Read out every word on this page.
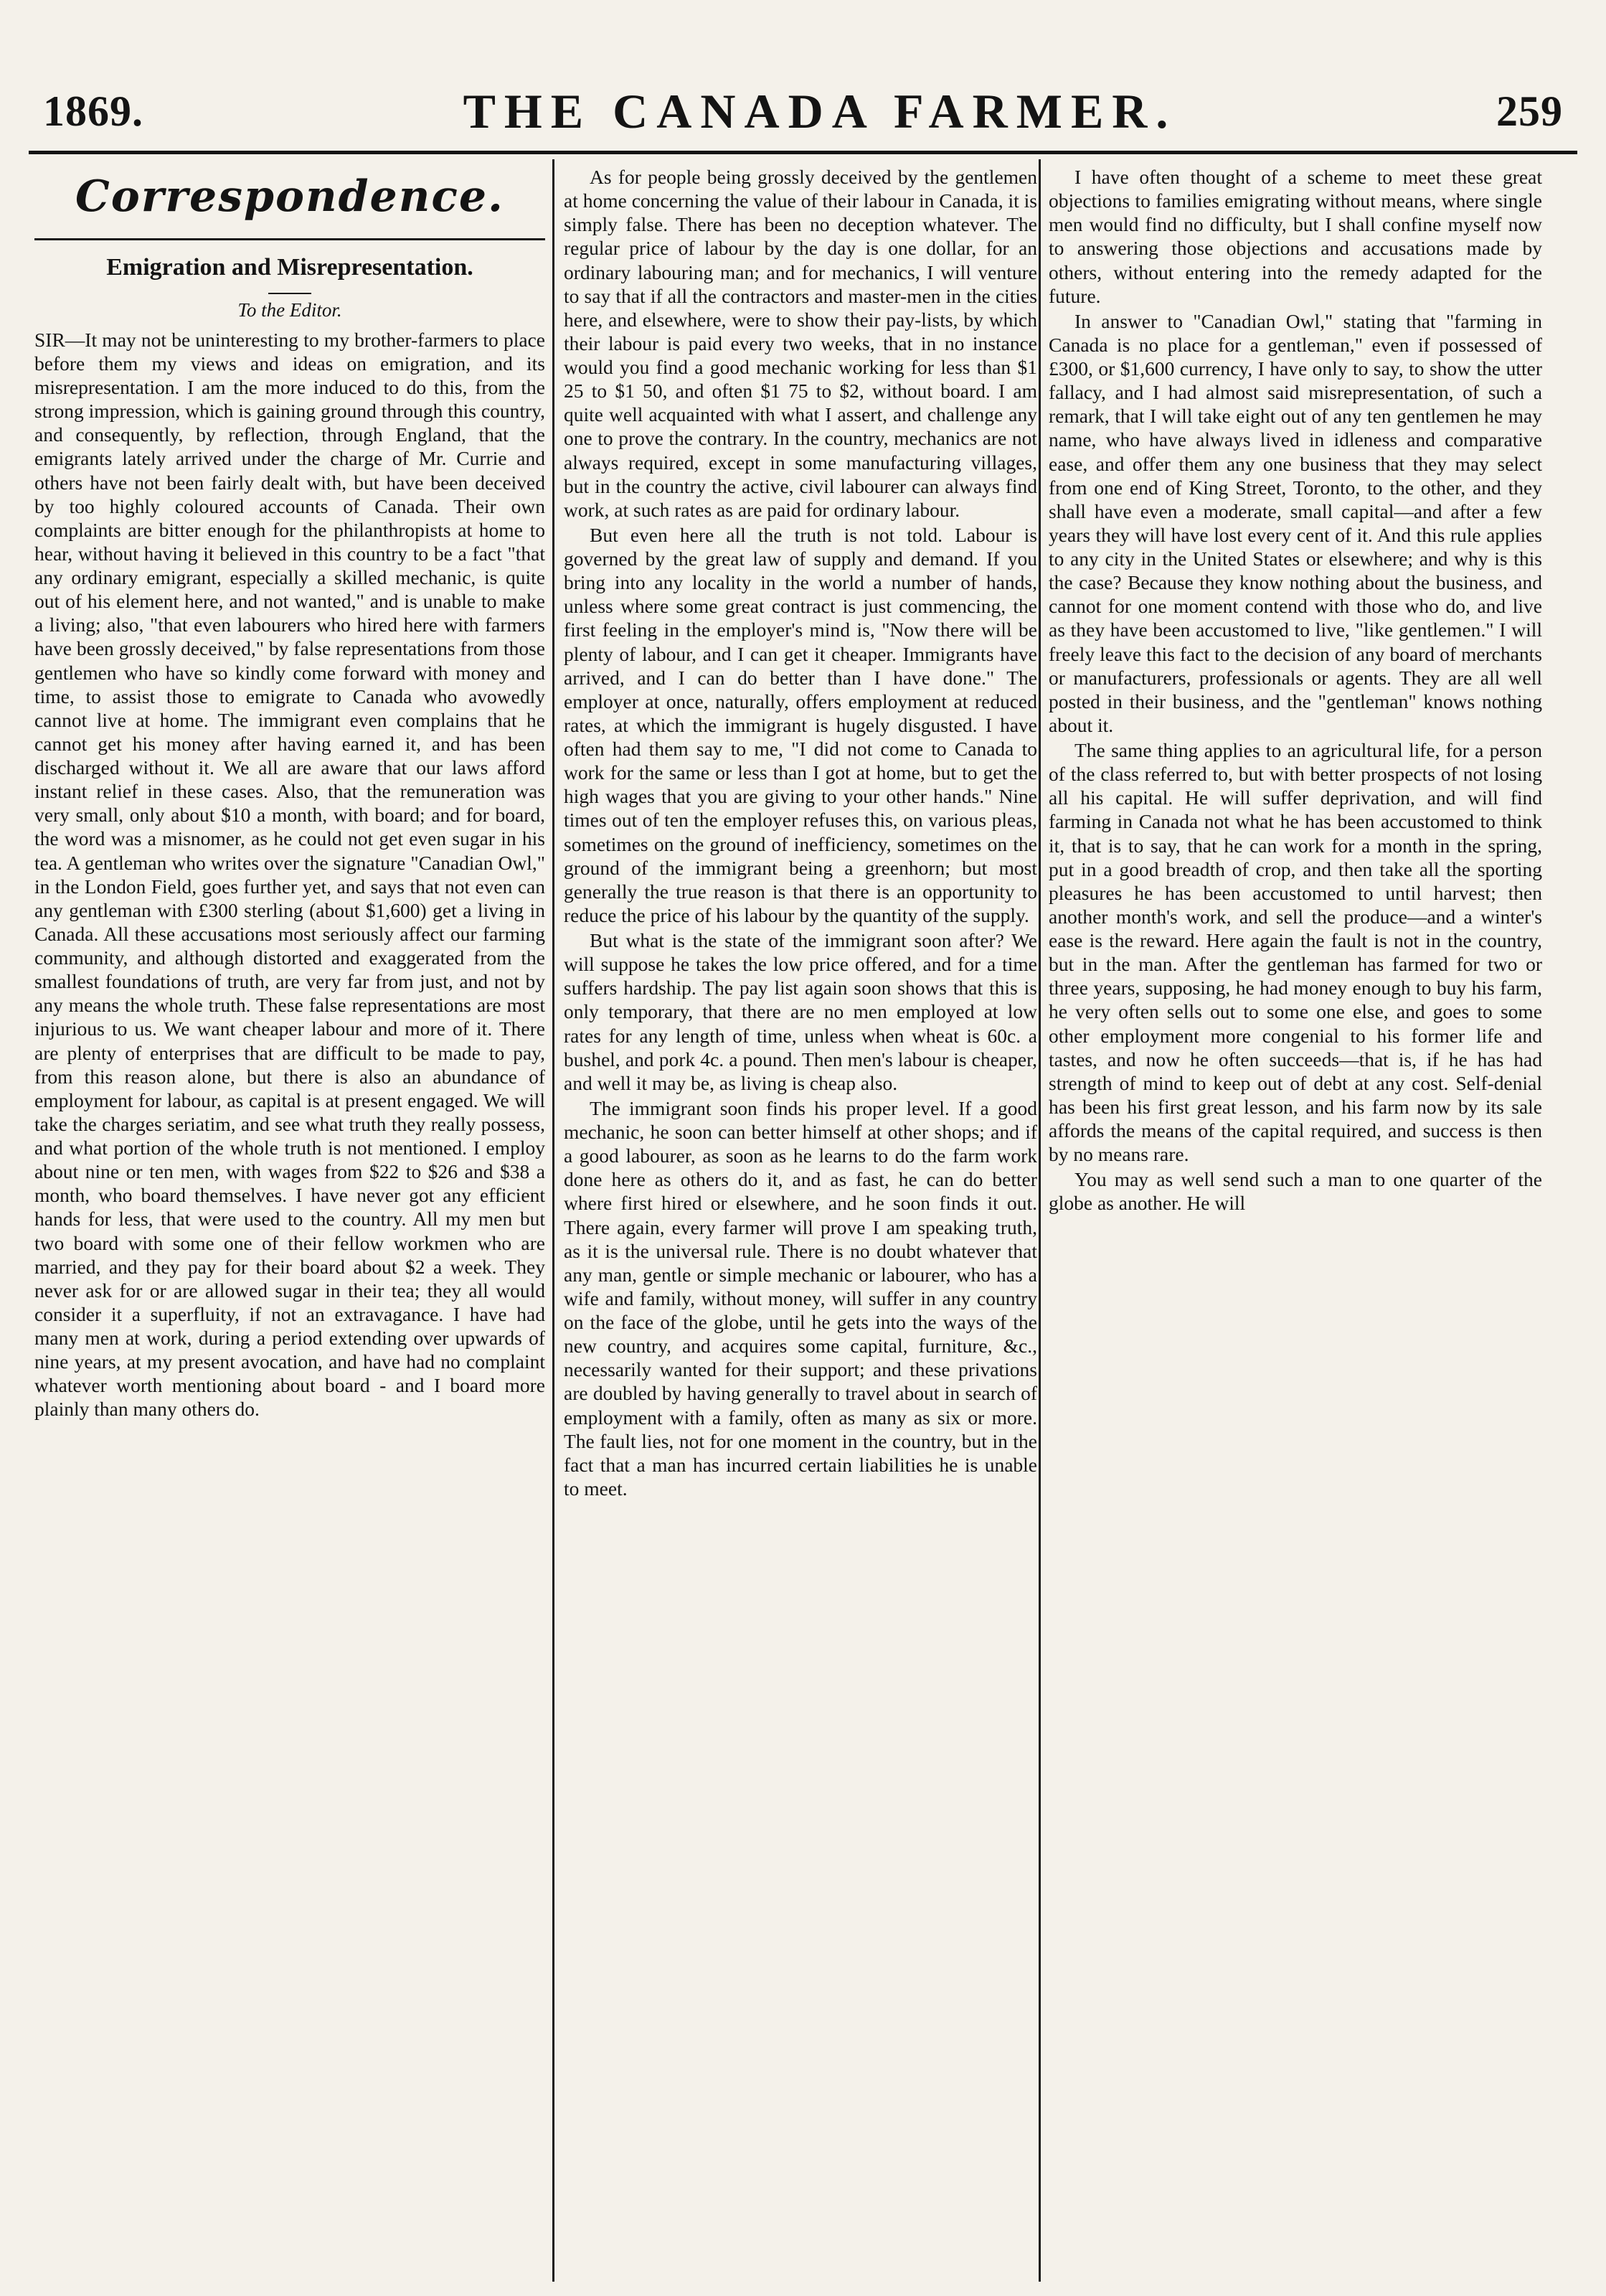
1869.	THE CANADA FARMER.	259
Correspondence.
Emigration and Misrepresentation.
To the Editor.

SIR—It may not be uninteresting to my brother-farmers to place before them my views and ideas on emigration, and its misrepresentation. I am the more induced to do this, from the strong impression, which is gaining ground through this country, and consequently, by reflection, through England, that the emigrants lately arrived under the charge of Mr. Currie and others have not been fairly dealt with, but have been deceived by too highly coloured accounts of Canada. Their own complaints are bitter enough for the philanthropists at home to hear, without having it believed in this country to be a fact "that any ordinary emigrant, especially a skilled mechanic, is quite out of his element here, and not wanted," and is unable to make a living; also, "that even labourers who hired here with farmers have been grossly deceived," by false representations from those gentlemen who have so kindly come forward with money and time, to assist those to emigrate to Canada who avowedly cannot live at home. The immigrant even complains that he cannot get his money after having earned it, and has been discharged without it. We all are aware that our laws afford instant relief in these cases. Also, that the remuneration was very small, only about $10 a month, with board; and for board, the word was a misnomer, as he could not get even sugar in his tea. A gentleman who writes over the signature "Canadian Owl," in the London Field, goes further yet, and says that not even can any gentleman with £300 sterling (about $1,600) get a living in Canada. All these accusations most seriously affect our farming community, and although distorted and exaggerated from the smallest foundations of truth, are very far from just, and not by any means the whole truth. These false representations are most injurious to us. We want cheaper labour and more of it. There are plenty of enterprises that are difficult to be made to pay, from this reason alone, but there is also an abundance of employment for labour, as capital is at present engaged. We will take the charges seriatim, and see what truth they really possess, and what portion of the whole truth is not mentioned. I employ about nine or ten men, with wages from $22 to $26 and $38 a month, who board themselves. I have never got any efficient hands for less, that were used to the country. All my men but two board with some one of their fellow workmen who are married, and they pay for their board about $2 a week. They never ask for or are allowed sugar in their tea; they all would consider it a superfluity, if not an extravagance. I have had many men at work, during a period extending over upwards of nine years, at my present avocation, and have had no complaint whatever worth mentioning about board - and I board more plainly than many others do.

As for people being grossly deceived by the gentlemen at home concerning the value of their labour in Canada, it is simply false. There has been no deception whatever. The regular price of labour by the day is one dollar, for an ordinary labouring man; and for mechanics, I will venture to say that if all the contractors and master-men in the cities here, and elsewhere, were to show their pay-lists, by which their labour is paid every two weeks, that in no instance would you find a good mechanic working for less than $1 25 to $1 50, and often $1 75 to $2, without board. I am quite well acquainted with what I assert, and challenge any one to prove the contrary. In the country, mechanics are not always required, except in some manufacturing villages, but in the country the active, civil labourer can always find work, at such rates as are paid for ordinary labour.

But even here all the truth is not told. Labour is governed by the great law of supply and demand. If you bring into any locality in the world a number of hands, unless where some great contract is just commencing, the first feeling in the employer's mind is, "Now there will be plenty of labour, and I can get it cheaper. Immigrants have arrived, and I can do better than I have done." The employer at once, naturally, offers employment at reduced rates, at which the immigrant is hugely disgusted. I have often had them say to me, "I did not come to Canada to work for the same or less than I got at home, but to get the high wages that you are giving to your other hands." Nine times out of ten the employer refuses this, on various pleas, sometimes on the ground of inefficiency, sometimes on the ground of the immigrant being a greenhorn; but most generally the true reason is that there is an opportunity to reduce the price of his labour by the quantity of the supply.

But what is the state of the immigrant soon after? We will suppose he takes the low price offered, and for a time suffers hardship. The pay list again soon shows that this is only temporary, that there are no men employed at low rates for any length of time, unless when wheat is 60c. a bushel, and pork 4c. a pound. Then men's labour is cheaper, and well it may be, as living is cheap also.

The immigrant soon finds his proper level. If a good mechanic, he soon can better himself at other shops; and if a good labourer, as soon as he learns to do the farm work done here as others do it, and as fast, he can do better where first hired or elsewhere, and he soon finds it out. There again, every farmer will prove I am speaking truth, as it is the universal rule. There is no doubt whatever that any man, gentle or simple mechanic or labourer, who has a wife and family, without money, will suffer in any country on the face of the globe, until he gets into the ways of the new country, and acquires some capital, furniture, &c., necessarily wanted for their support; and these privations are doubled by having generally to travel about in search of employment with a family, often as many as six or more. The fault lies, not for one moment in the country, but in the fact that a man has incurred certain liabilities he is unable to meet.

I have often thought of a scheme to meet these great objections to families emigrating without means, where single men would find no difficulty, but I shall confine myself now to answering those objections and accusations made by others, without entering into the remedy adapted for the future.

In answer to "Canadian Owl," stating that "farming in Canada is no place for a gentleman," even if possessed of £300, or $1,600 currency, I have only to say, to show the utter fallacy, and I had almost said misrepresentation, of such a remark, that I will take eight out of any ten gentlemen he may name, who have always lived in idleness and comparative ease, and offer them any one business that they may select from one end of King Street, Toronto, to the other, and they shall have even a moderate, small capital—and after a few years they will have lost every cent of it. And this rule applies to any city in the United States or elsewhere; and why is this the case? Because they know nothing about the business, and cannot for one moment contend with those who do, and live as they have been accustomed to live, "like gentlemen." I will freely leave this fact to the decision of any board of merchants or manufacturers, professionals or agents. They are all well posted in their business, and the "gentleman" knows nothing about it.

The same thing applies to an agricultural life, for a person of the class referred to, but with better prospects of not losing all his capital. He will suffer deprivation, and will find farming in Canada not what he has been accustomed to think it, that is to say, that he can work for a month in the spring, put in a good breadth of crop, and then take all the sporting pleasures he has been accustomed to until harvest; then another month's work, and sell the produce—and a winter's ease is the reward. Here again the fault is not in the country, but in the man. After the gentleman has farmed for two or three years, supposing, he had money enough to buy his farm, he very often sells out to some one else, and goes to some other employment more congenial to his former life and tastes, and now he often succeeds—that is, if he has had strength of mind to keep out of debt at any cost. Self-denial has been his first great lesson, and his farm now by its sale affords the means of the capital required, and success is then by no means rare.

You may as well send such a man to one quarter of the globe as another. He will
